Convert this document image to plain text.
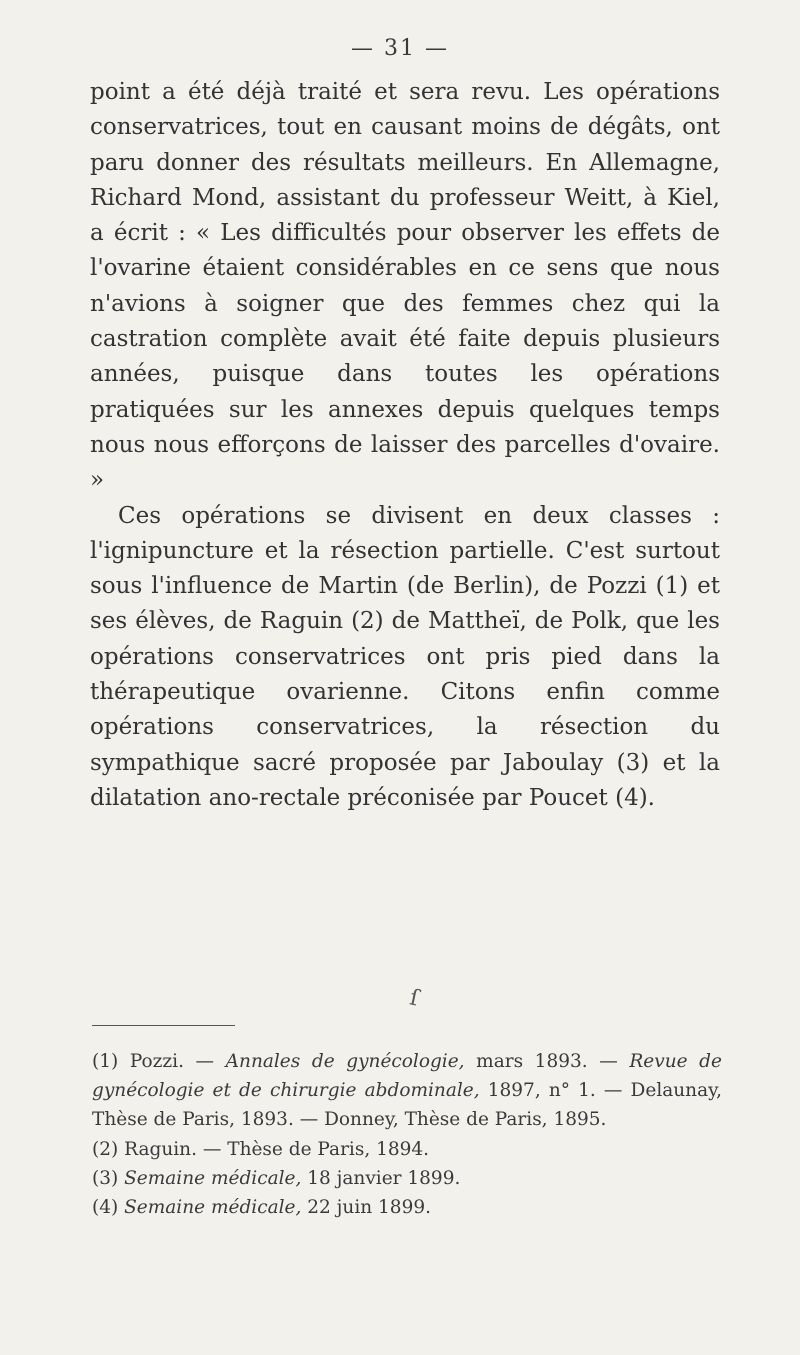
— 31 —

point a été déjà traité et sera revu. Les opérations conservatrices, tout en causant moins de dégâts, ont paru donner des résultats meilleurs. En Allemagne, Richard Mond, assistant du professeur Weitt, à Kiel, a écrit : « Les difficultés pour observer les effets de l'ovarine étaient considérables en ce sens que nous n'avions à soigner que des femmes chez qui la castration complète avait été faite depuis plusieurs années, puisque dans toutes les opérations pratiquées sur les annexes depuis quelques temps nous nous efforçons de laisser des parcelles d'ovaire. »

Ces opérations se divisent en deux classes : l'ignipuncture et la résection partielle. C'est surtout sous l'influence de Martin (de Berlin), de Pozzi (1) et ses élèves, de Raguin (2) de Mattheï, de Polk, que les opérations conservatrices ont pris pied dans la thérapeutique ovarienne. Citons enfin comme opérations conservatrices, la résection du sympathique sacré proposée par Jaboulay (3) et la dilatation ano-rectale préconisée par Poucet (4).

ſ

(1) Pozzi. — Annales de gynécologie, mars 1893. — Revue de gynécologie et de chirurgie abdominale, 1897, n° 1. — Delaunay, Thèse de Paris, 1893. — Donney, Thèse de Paris, 1895.

(2) Raguin. — Thèse de Paris, 1894.

(3) Semaine médicale, 18 janvier 1899.

(4) Semaine médicale, 22 juin 1899.
